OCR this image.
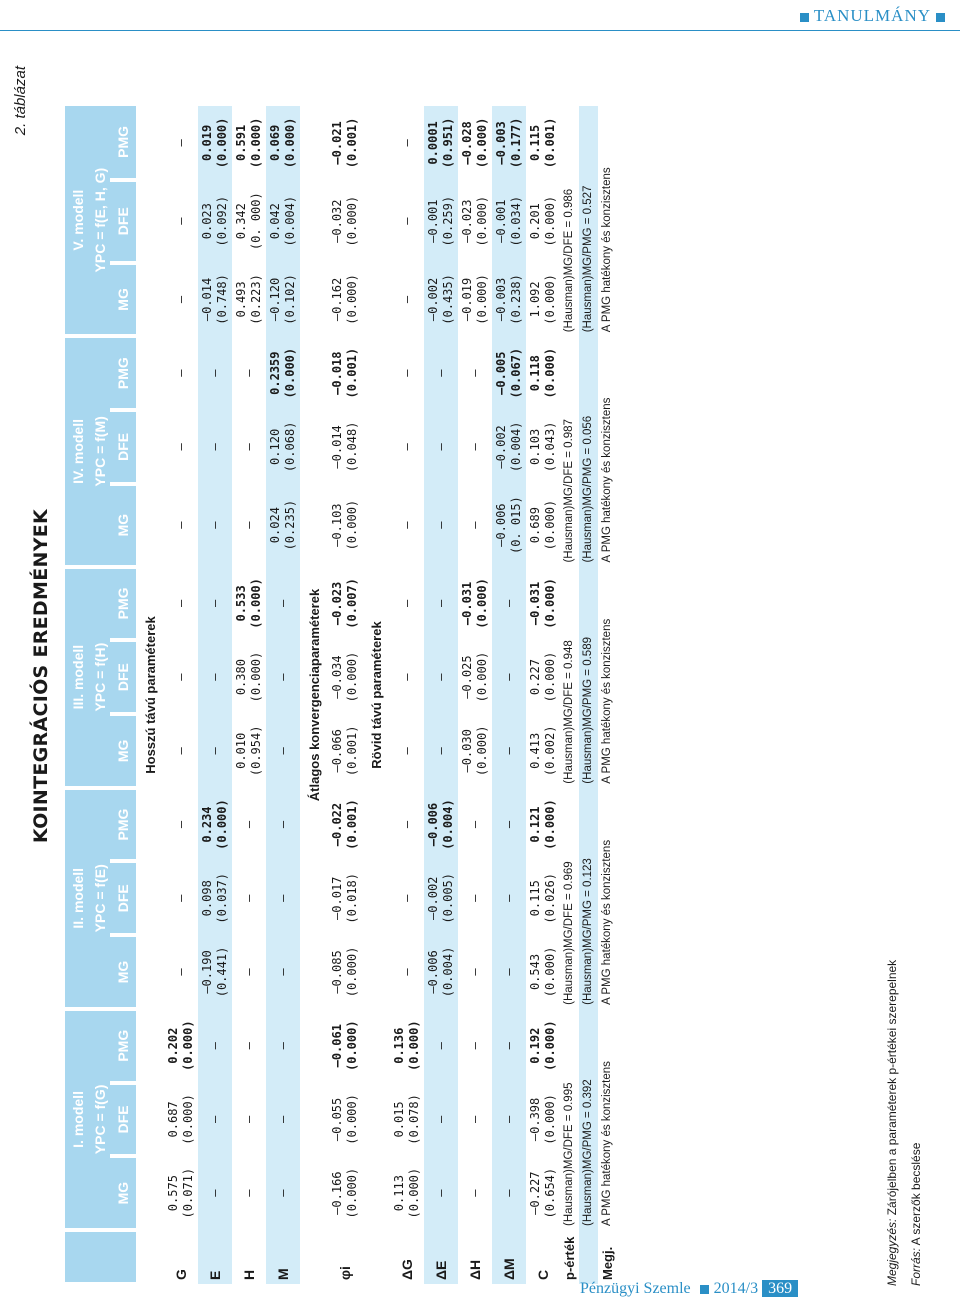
TANULMÁNY
2. táblázat
KOINTEGRÁCIÓS EREDMÉNYEK
	I. modell			II. modell			III. modell			IV. modell			V. modell		
	YPC = f(G)			YPC = f(E)			YPC = f(H)			YPC = f(M)			YPC = f(E, H, G)		
	MG	DFE	PMG	MG	DFE	PMG	MG	DFE	PMG	MG	DFE	PMG	MG	DFE	PMG
Hosszú távú paraméterek															
G	0.575 (0.071)	0.687 (0.000)	0.202 (0.000)	–	–	–	–	–	–	–	–	–	–	–	–

E	–	–	–	–0.190 (0.441)	0.098 (0.037)	0.234 (0.000)	–	–	–	–	–	–	–0.014 (0.748)	0.023 (0.092)	0.019 (0.000)

H	–	–	–	–	–	–	0.010 (0.954)	0.380 (0.000)	0.533 (0.000)	–	–	–	0.493 (0.223)	0.342 (0. 000)	0.591 (0.000)

M	–	–	–	–	–	–	–	–	–	0.024 (0.235)	0.120 (0.068)	0.2359 (0.000)	–0.120 (0.102)	0.042 (0.004)	0.069 (0.000)

Átlagos konvergenciaparaméterek															
φi	–0.166 (0.000)	–0.055 (0.000)	–0.061 (0.000)	–0.085 (0.000)	–0.017 (0.018)	–0.022 (0.001)	–0.066 (0.001)	–0.034 (0.000)	–0.023 (0.007)	–0.103 (0.000)	–0.014 (0.048)	–0.018 (0.001)	–0.162 (0.000)	–0.032 (0.000)	–0.021 (0.001)

Rövid távú paraméterek															
ΔG	0.113 (0.000)	0.015 (0.078)	0.136 (0.000)	–	–	–	–	–	–	–	–	–	–	–	–

ΔE	–	–	–	–0.006 (0.004)	–0.002 (0.005)	–0.006 (0.004)	–	–	–	–	–	–	–0.002 (0.435)	–0.001 (0.259)	0.0001 (0.951)

ΔH	–	–	–	–	–	–	–0.030 (0.000)	–0.025 (0.000)	–0.031 (0.000)	–	–	–	–0.019 (0.000)	–0.023 (0.000)	–0.028 (0.000)

ΔM	–	–	–	–	–	–	–	–	–	–0.006 (0. 015)	–0.002 (0.004)	–0.005 (0.067)	–0.003 (0.238)	–0.001 (0.034)	–0.003 (0.177)

C	–0.227 (0.654)	–0.398 (0.000)	0.192 (0.000)	0.543 (0.000)	0.115 (0.026)	0.121 (0.000)	0.413 (0.002)	0.227 (0.000)	–0.031 (0.000)	0.689 (0.000)	0.103 (0.043)	0.118 (0.000)	1.092 (0.000)	0.201 (0.000)	0.115 (0.001)

p-érték	(Hausman)MG/DFE = 0.995			(Hausman)MG/DFE = 0.969			(Hausman)MG/DFE = 0.948			(Hausman)MG/DFE = 0.987			(Hausman)MG/DFE = 0.986		
	(Hausman)MG/PMG = 0.392			(Hausman)MG/PMG = 0.123			(Hausman)MG/PMG = 0.589			(Hausman)MG/PMG = 0.056			(Hausman)MG/PMG = 0.527		
Megj.	A PMG hatékony és konzisztens			A PMG hatékony és konzisztens			A PMG hatékony és konzisztens			A PMG hatékony és konzisztens			A PMG hatékony és konzisztens		
Megjegyzés: Zárójelben a paraméterek p-értékei szerepelnek
Forrás: A szerzők becslése
Pénzügyi Szemle 2014/3 369
